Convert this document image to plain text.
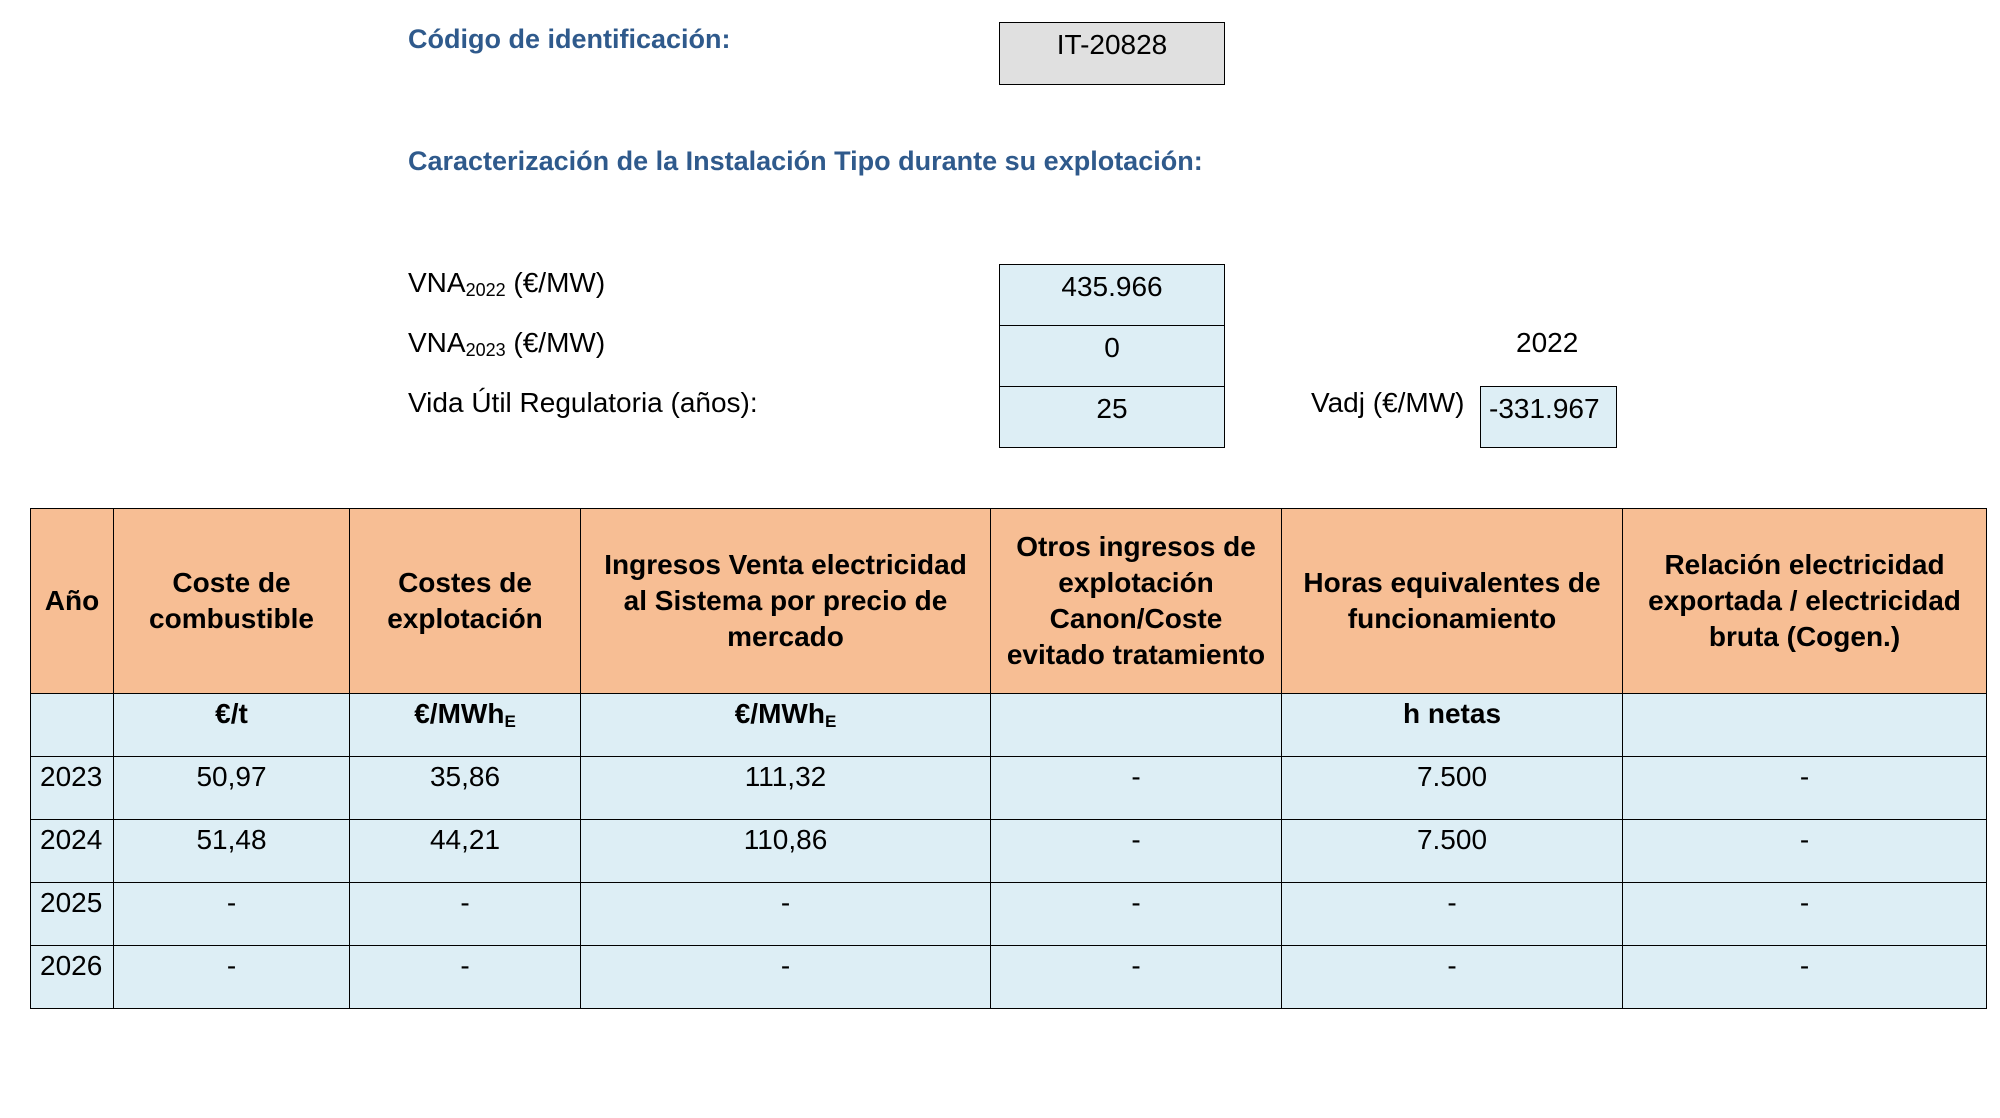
Código de identificación:	IT-20828
Caracterización de la Instalación Tipo durante su explotación:
$VNA_{2022}$ (€/MW)	435.966
$VNA_{2023}$ (€/MW)	0	2022
Vida Útil Regulatoria (años):	25	Vadj (€/MW) -331.967
Año	Coste de combustible	Costes de explotación	Ingresos Venta electricidad al Sistema por precio de mercado	Otros ingresos de explotación Canon/Coste evitado tratamiento	Horas equivalentes de funcionamiento	Relación electricidad exportada / electricidad bruta (Cogen.)
	€/t	€/MWh$_E$	€/MWh$_E$		h netas	
2023	50,97	35,86	111,32	-	7.500	-
2024	51,48	44,21	110,86	-	7.500	-
2025	-	-	-	-	-	-
2026	-	-	-	-	-	-
